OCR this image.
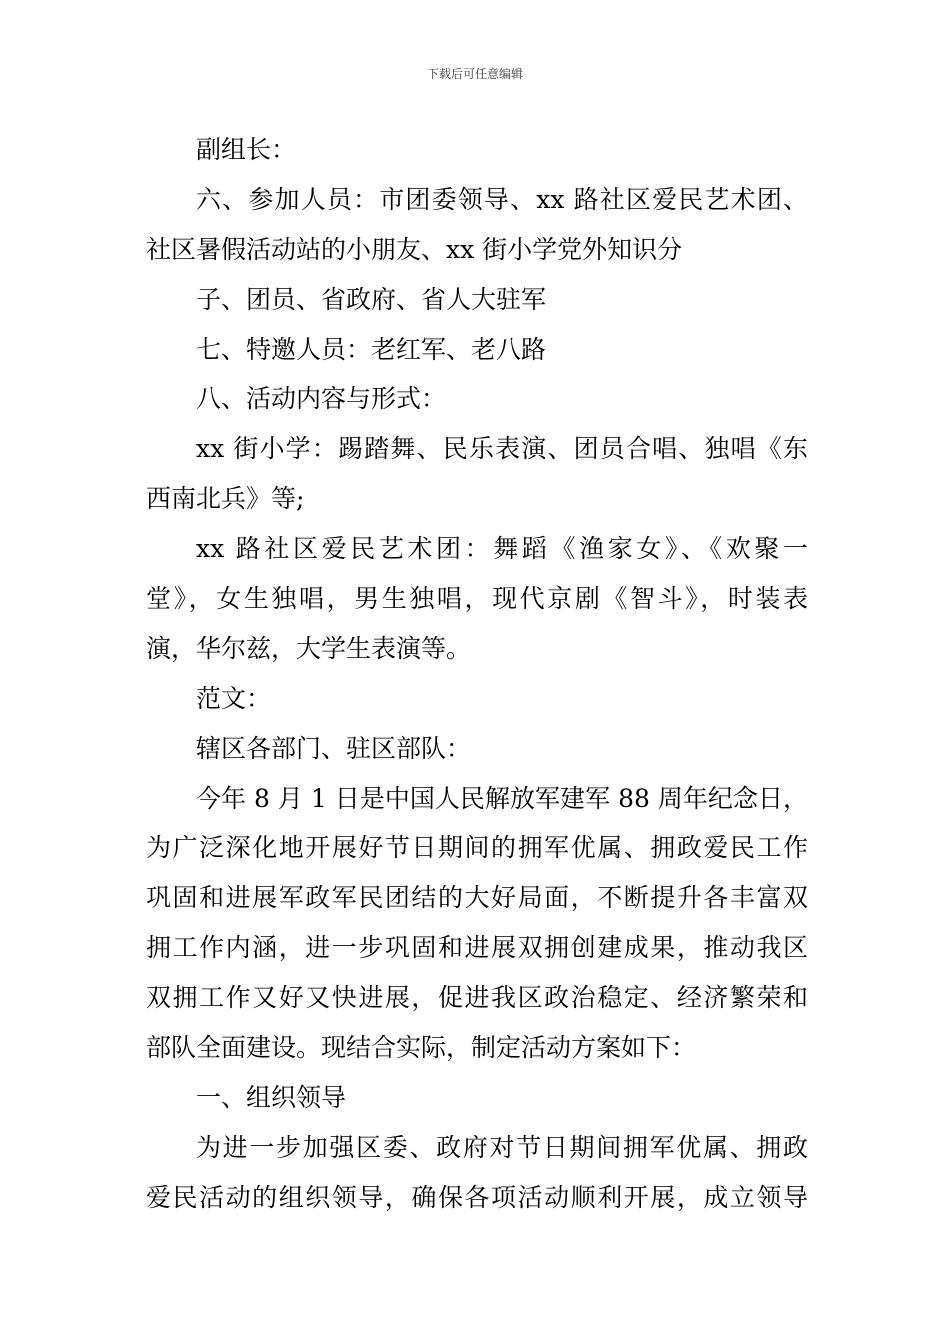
下载后可任意编辑
副组长：
六、参加人员：市团委领导、xx 路社区爱民艺术团、
社区暑假活动站的小朋友、xx 街小学党外知识分
子、团员、省政府、省人大驻军
七、特邀人员：老红军、老八路
八、活动内容与形式：
xx 街小学：踢踏舞、民乐表演、团员合唱、独唱《东
西南北兵》等;
xx 路社区爱民艺术团：舞蹈《渔家女》、《欢聚一
堂》，女生独唱，男生独唱，现代京剧《智斗》，时装表
演，华尔兹，大学生表演等。
范文：
辖区各部门、驻区部队：
今年 8 月 1 日是中国人民解放军建军 88 周年纪念日，
为广泛深化地开展好节日期间的拥军优属、拥政爱民工作
巩固和进展军政军民团结的大好局面，不断提升各丰富双
拥工作内涵，进一步巩固和进展双拥创建成果，推动我区
双拥工作又好又快进展，促进我区政治稳定、经济繁荣和
部队全面建设。现结合实际，制定活动方案如下：
一、组织领导
为进一步加强区委、政府对节日期间拥军优属、拥政
爱民活动的组织领导，确保各项活动顺利开展，成立领导
